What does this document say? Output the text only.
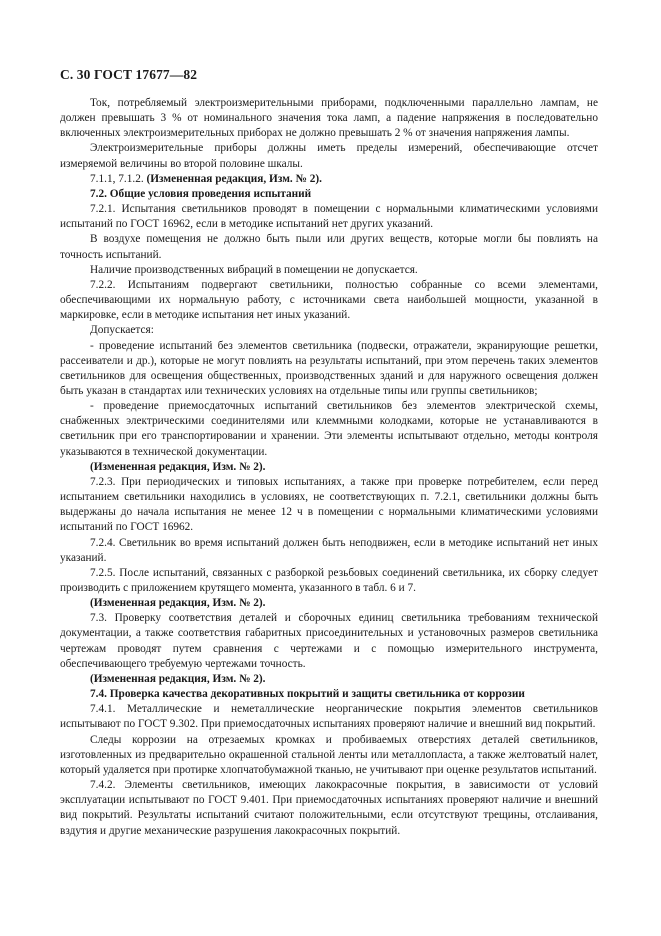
С. 30 ГОСТ 17677—82

Ток, потребляемый электроизмерительными приборами, подключенными параллельно лампам, не должен превышать 3 % от номинального значения тока ламп, а падение напряжения в последовательно включенных электроизмерительных приборах не должно превышать 2 % от значения напряжения лампы.

Электроизмерительные приборы должны иметь пределы измерений, обеспечивающие отсчет измеряемой величины во второй половине шкалы.

7.1.1, 7.1.2. (Измененная редакция, Изм. № 2).

7.2. Общие условия проведения испытаний

7.2.1. Испытания светильников проводят в помещении с нормальными климатическими условиями испытаний по ГОСТ 16962, если в методике испытаний нет других указаний.

В воздухе помещения не должно быть пыли или других веществ, которые могли бы повлиять на точность испытаний.

Наличие производственных вибраций в помещении не допускается.

7.2.2. Испытаниям подвергают светильники, полностью собранные со всеми элементами, обеспечивающими их нормальную работу, с источниками света наибольшей мощности, указанной в маркировке, если в методике испытания нет иных указаний.

Допускается:

- проведение испытаний без элементов светильника (подвески, отражатели, экранирующие решетки, рассеиватели и др.), которые не могут повлиять на результаты испытаний, при этом перечень таких элементов светильников для освещения общественных, производственных зданий и для наружного освещения должен быть указан в стандартах или технических условиях на отдельные типы или группы светильников;

- проведение приемосдаточных испытаний светильников без элементов электрической схемы, снабженных электрическими соединителями или клеммными колодками, которые не устанавливаются в светильник при его транспортировании и хранении. Эти элементы испытывают отдельно, методы контроля указываются в технической документации.

(Измененная редакция, Изм. № 2).

7.2.3. При периодических и типовых испытаниях, а также при проверке потребителем, если перед испытанием светильники находились в условиях, не соответствующих п. 7.2.1, светильники должны быть выдержаны до начала испытания не менее 12 ч в помещении с нормальными климатическими условиями испытаний по ГОСТ 16962.

7.2.4. Светильник во время испытаний должен быть неподвижен, если в методике испытаний нет иных указаний.

7.2.5. После испытаний, связанных с разборкой резьбовых соединений светильника, их сборку следует производить с приложением крутящего момента, указанного в табл. 6 и 7.

(Измененная редакция, Изм. № 2).

7.3. Проверку соответствия деталей и сборочных единиц светильника требованиям технической документации, а также соответствия габаритных присоединительных и установочных размеров светильника чертежам проводят путем сравнения с чертежами и с помощью измерительного инструмента, обеспечивающего требуемую чертежами точность.

(Измененная редакция, Изм. № 2).

7.4. Проверка качества декоративных покрытий и защиты светильника от коррозии

7.4.1. Металлические и неметаллические неорганические покрытия элементов светильников испытывают по ГОСТ 9.302. При приемосдаточных испытаниях проверяют наличие и внешний вид покрытий.

Следы коррозии на отрезаемых кромках и пробиваемых отверстиях деталей светильников, изготовленных из предварительно окрашенной стальной ленты или металлопласта, а также желтоватый налет, который удаляется при протирке хлопчатобумажной тканью, не учитывают при оценке результатов испытаний.

7.4.2. Элементы светильников, имеющих лакокрасочные покрытия, в зависимости от условий эксплуатации испытывают по ГОСТ 9.401. При приемосдаточных испытаниях проверяют наличие и внешний вид покрытий. Результаты испытаний считают положительными, если отсутствуют трещины, отслаивания, вздутия и другие механические разрушения лакокрасочных покрытий.
